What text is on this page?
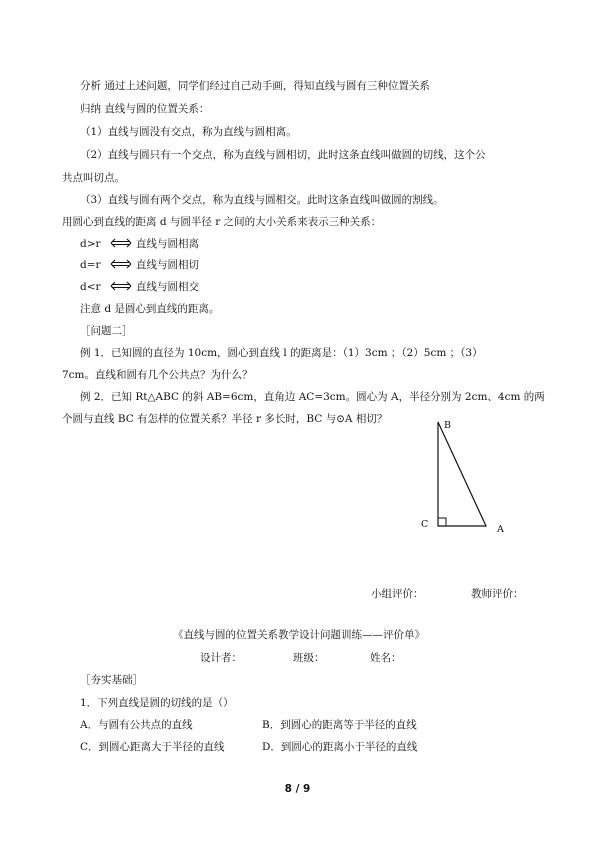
分析 通过上述问题，同学们经过自己动手画，得知直线与圆有三种位置关系
归纳 直线与圆的位置关系：
（1）直线与圆没有交点，称为直线与圆相离。
（2）直线与圆只有一个交点，称为直线与圆相切，此时这条直线叫做圆的切线，这个公
共点叫切点。
（3）直线与圆有两个交点，称为直线与圆相交。此时这条直线叫做圆的割线。
用圆心到直线的距离 d 与圆半径 r 之间的大小关系来表示三种关系：
d>r	直线与圆相离
d=r	直线与圆相切
d<r	直线与圆相交
注意 d 是圆心到直线的距离。
［问题二］
例 1．已知圆的直径为 10cm，圆心到直线 l 的距离是：（1）3cm ；（2）5cm ；（3）
7cm。直线和圆有几个公共点？为什么？
例 2．已知 Rt△ABC 的斜 AB=6cm，直角边 AC=3cm。圆心为 A，半径分别为 2cm、4cm 的两
个圆与直线 BC 有怎样的位置关系？半径 r 多长时，BC 与⊙A 相切？
B
C	A
小组评价：	教师评价：
《直线与圆的位置关系教学设计问题训练——评价单》
设计者：	班级：	姓名：
［夯实基础］
1．下列直线是圆的切线的是（）
A．与圆有公共点的直线	B．到圆心的距离等于半径的直线
C．到圆心距离大于半径的直线	D．到圆心的距离小于半径的直线
8 / 9
